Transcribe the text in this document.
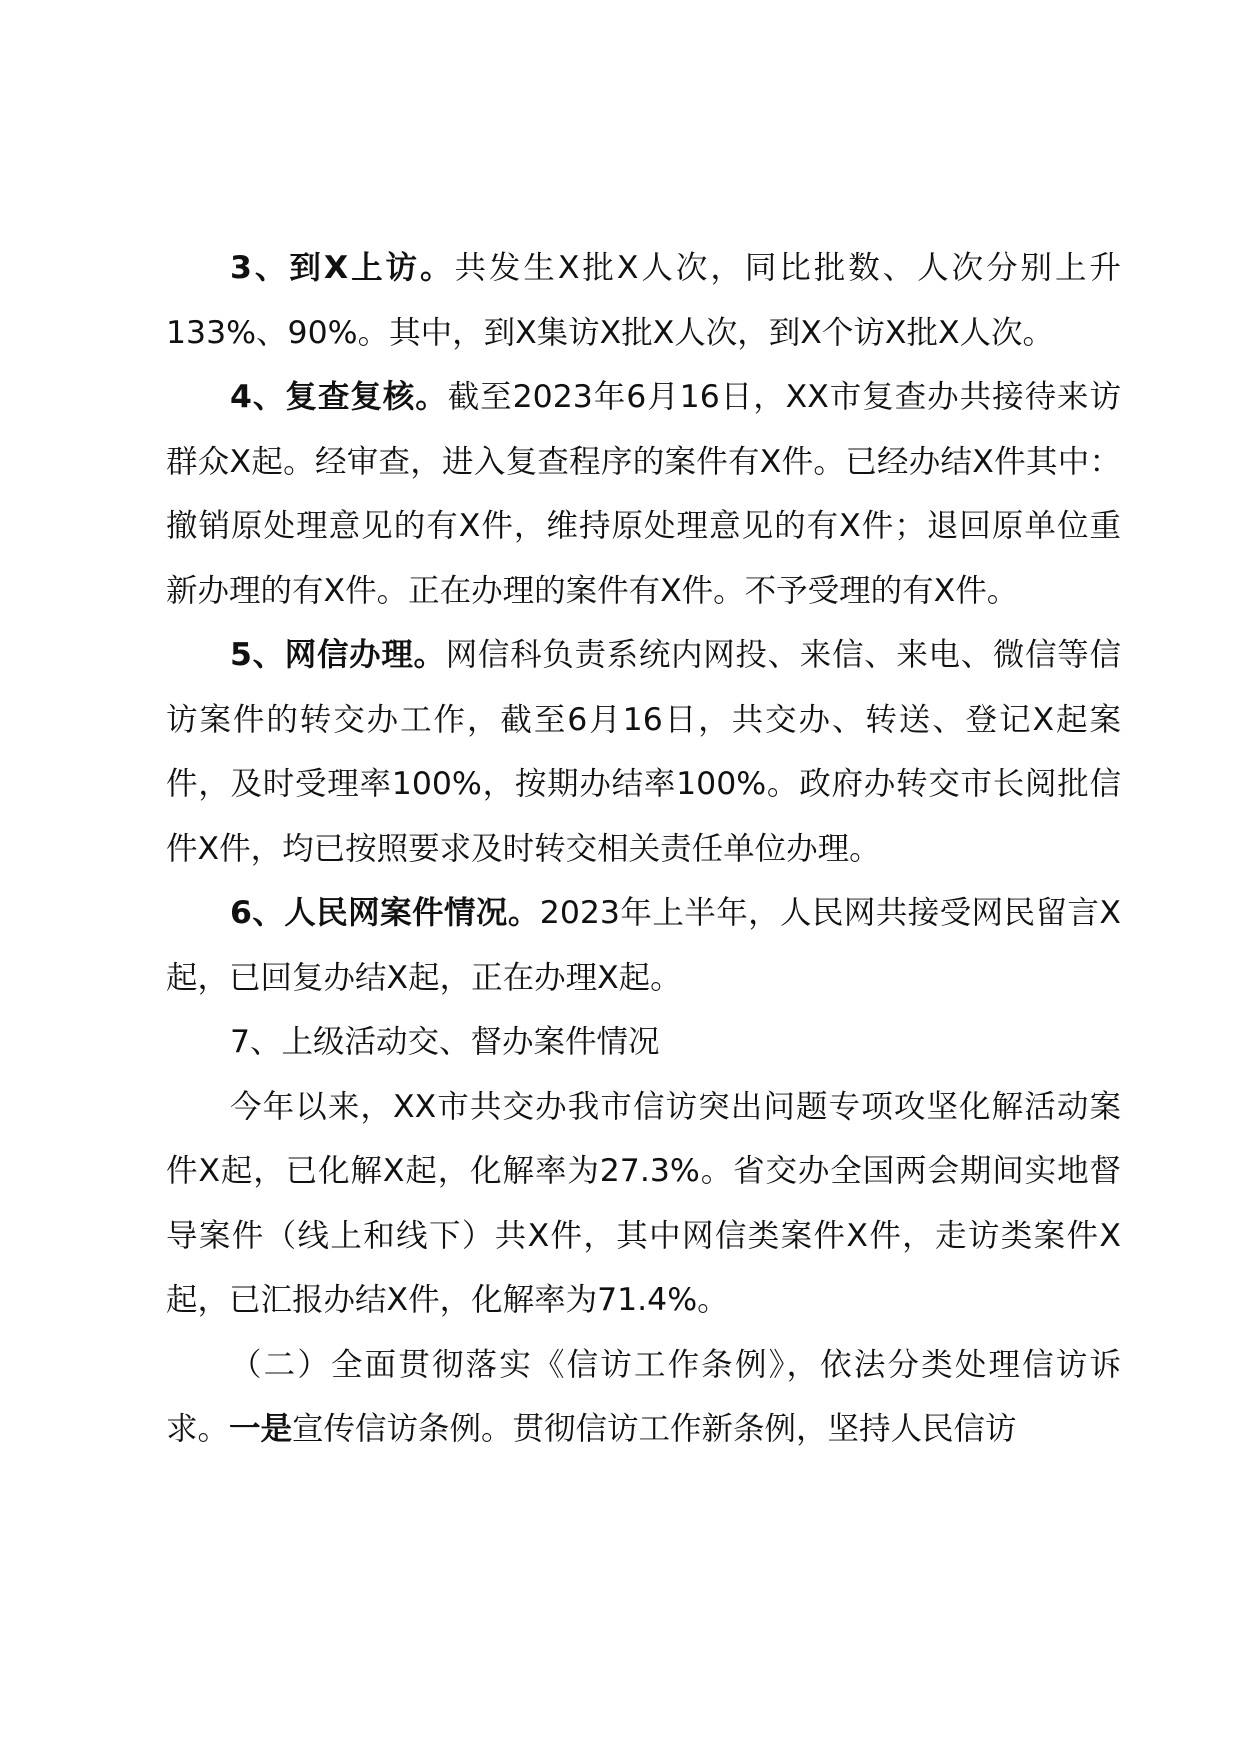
3、到X上访。共发生X批X人次，同比批数、人次分别上升133%、90%。其中，到X集访X批X人次，到X个访X批X人次。

4、复查复核。截至2023年6月16日，XX市复查办共接待来访群众X起。经审查，进入复查程序的案件有X件。已经办结X件其中：撤销原处理意见的有X件，维持原处理意见的有X件；退回原单位重新办理的有X件。正在办理的案件有X件。不予受理的有X件。

5、网信办理。网信科负责系统内网投、来信、来电、微信等信访案件的转交办工作，截至6月16日，共交办、转送、登记X起案件，及时受理率100%，按期办结率100%。政府办转交市长阅批信件X件，均已按照要求及时转交相关责任单位办理。

6、人民网案件情况。2023年上半年，人民网共接受网民留言X起，已回复办结X起，正在办理X起。

7、上级活动交、督办案件情况

今年以来，XX市共交办我市信访突出问题专项攻坚化解活动案件X起，已化解X起，化解率为27.3%。省交办全国两会期间实地督导案件（线上和线下）共X件，其中网信类案件X件，走访类案件X起，已汇报办结X件，化解率为71.4%。

（二）全面贯彻落实《信访工作条例》，依法分类处理信访诉求。一是宣传信访条例。贯彻信访工作新条例，坚持人民信访
